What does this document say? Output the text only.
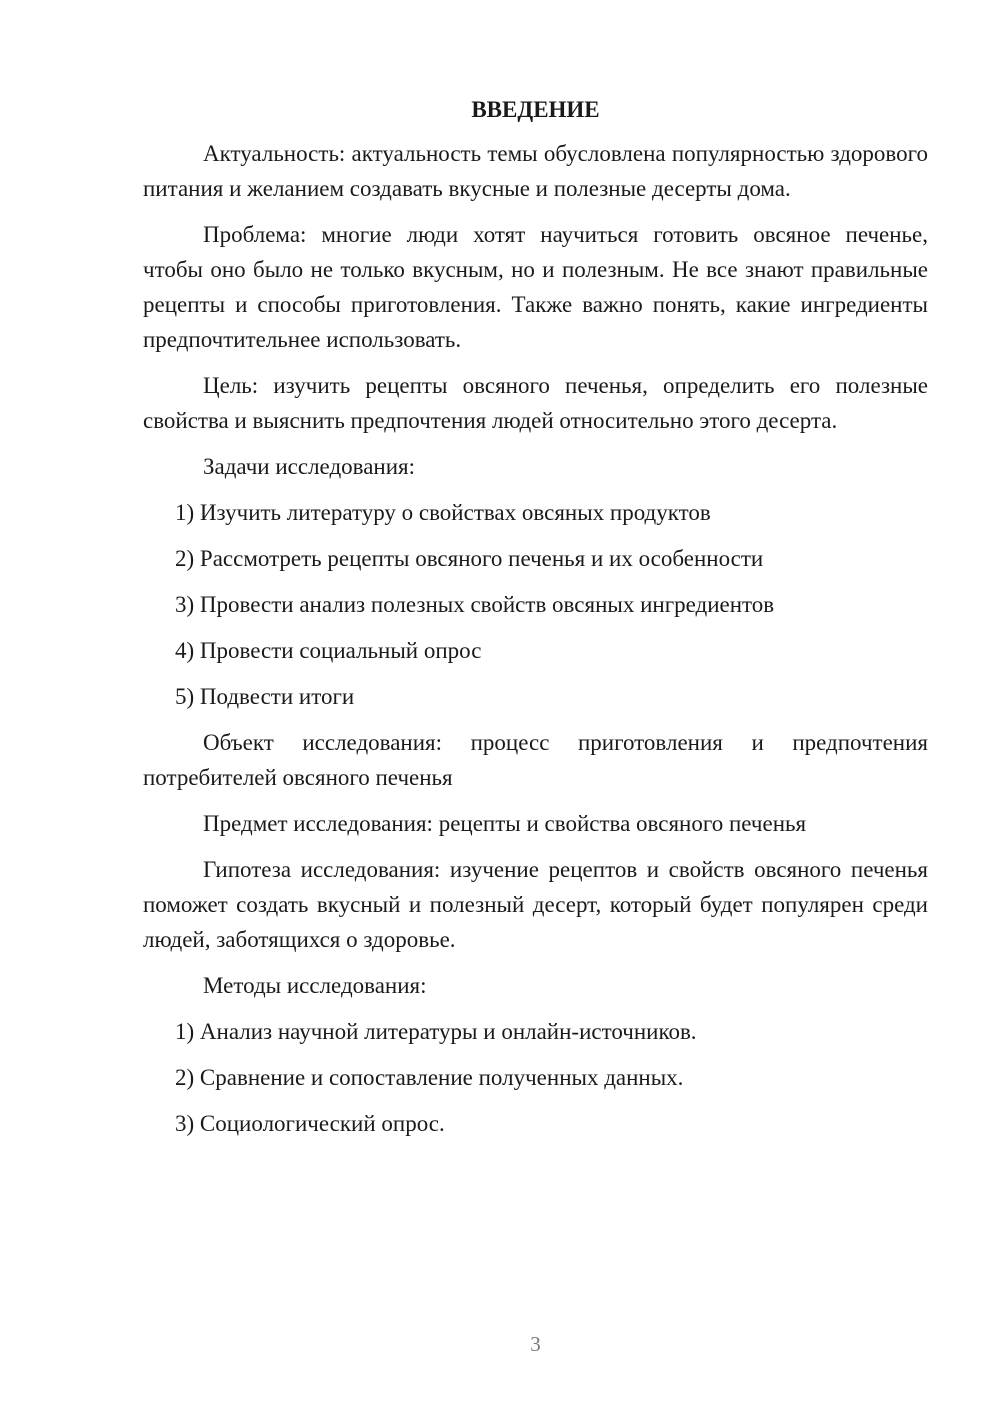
ВВЕДЕНИЕ

Актуальность: актуальность темы обусловлена популярностью здорового питания и желанием создавать вкусные и полезные десерты дома.

Проблема: многие люди хотят научиться готовить овсяное печенье, чтобы оно было не только вкусным, но и полезным. Не все знают правильные рецепты и способы приготовления. Также важно понять, какие ингредиенты предпочтительнее использовать.

Цель: изучить рецепты овсяного печенья, определить его полезные свойства и выяснить предпочтения людей относительно этого десерта.

Задачи исследования:

1) Изучить литературу о свойствах овсяных продуктов

2) Рассмотреть рецепты овсяного печенья и их особенности

3) Провести анализ полезных свойств овсяных ингредиентов

4) Провести социальный опрос

5) Подвести итоги

Объект исследования: процесс приготовления и предпочтения потребителей овсяного печенья

Предмет исследования: рецепты и свойства овсяного печенья

Гипотеза исследования: изучение рецептов и свойств овсяного печенья поможет создать вкусный и полезный десерт, который будет популярен среди людей, заботящихся о здоровье.

Методы исследования:

1) Анализ научной литературы и онлайн-источников.

2) Сравнение и сопоставление полученных данных.

3) Социологический опрос.

3
